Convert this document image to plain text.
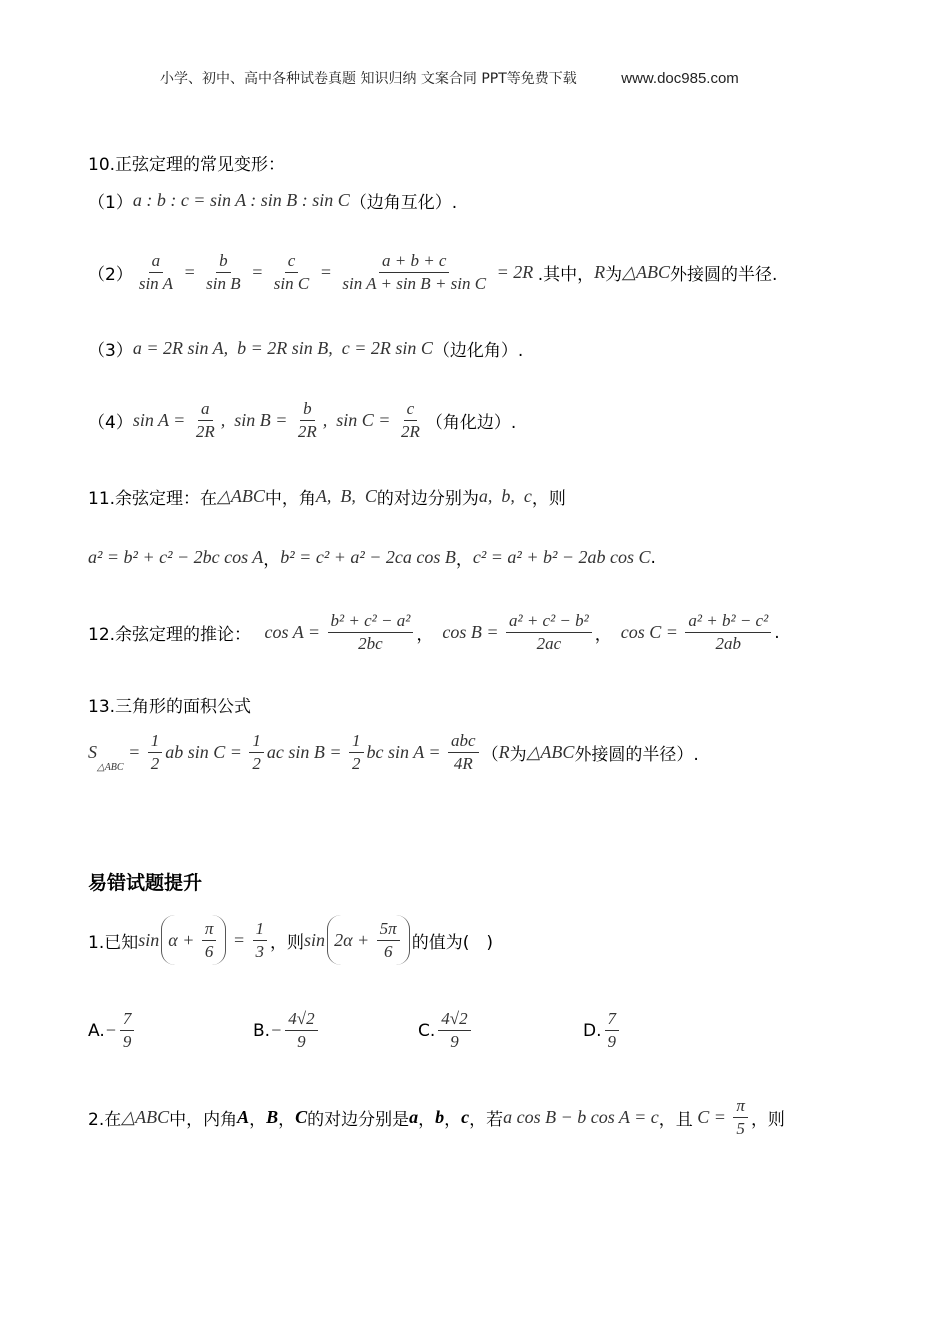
小学、初中、高中各种试卷真题 知识归纳 文案合同 PPT等免费下载	www.doc985.com
10.正弦定理的常见变形：
（1） a : b : c = sin A : sin B : sin C （边角互化）.
$(2) \frac{a}{\text{sin A}} = \frac{b}{\text{sin B}} = \frac{c}{\text{sin C}} = \frac{a + b + c}{\text{sin A + sin B + sin C}} = 2R$ .其中， R 为 △ABC 外接圆的半径.
（3） a = 2R sin A,  b = 2R sin B,  c = 2R sin C （边化角）.
（4） $\sin A = \frac{a}{2R}$ ,  $\sin B = \frac{b}{2R}$ ,  $\sin C = \frac{c}{2R}$ （角化边）.
11.余弦定理：在 △ABC 中，角 A,  B,  C 的对边分别为 a,  b,  c ，则
a² = b² + c² − 2bc cos A ， b² = c² + a² − 2ca cos B ， c² = a² + b² − 2ab cos C .
12.余弦定理的推论： $\cos A = \frac{\text{b² + c² − a²}}{2bc}$ ， $\cos B = \frac{\text{a² + c² − b²}}{2ac}$ ， $\cos C = \frac{\text{a² + b² − c²}}{2ab}$ .
13.三角形的面积公式
S
△ABC
= $\frac{1}{2}$ ab $\sin C = \frac{1}{2}$ ac $\sin B = \frac{1}{2}$ bc sin A =
abc
4R （ R 为 △ABC 外接圆的半径）.
易错试题提升
1.已知 $\sin \alpha + \frac{\pi}{6} = \frac{1}{3}$ ，则 $\sin 2\alpha + \frac{5\pi}{6}$ 的值为(　)
A. − $\frac{7}{9}$	B. − $\frac{4√2}{9}$	C. $\frac{4√2}{9}$	D. $\frac{7}{9}$
2.在 △ABC 中，内角 A ， B ， C 的对边分别是 a ， b ， c ，若 a cos B − b cos A = c ，且 $C = \frac{\pi}{5}$ ，则
